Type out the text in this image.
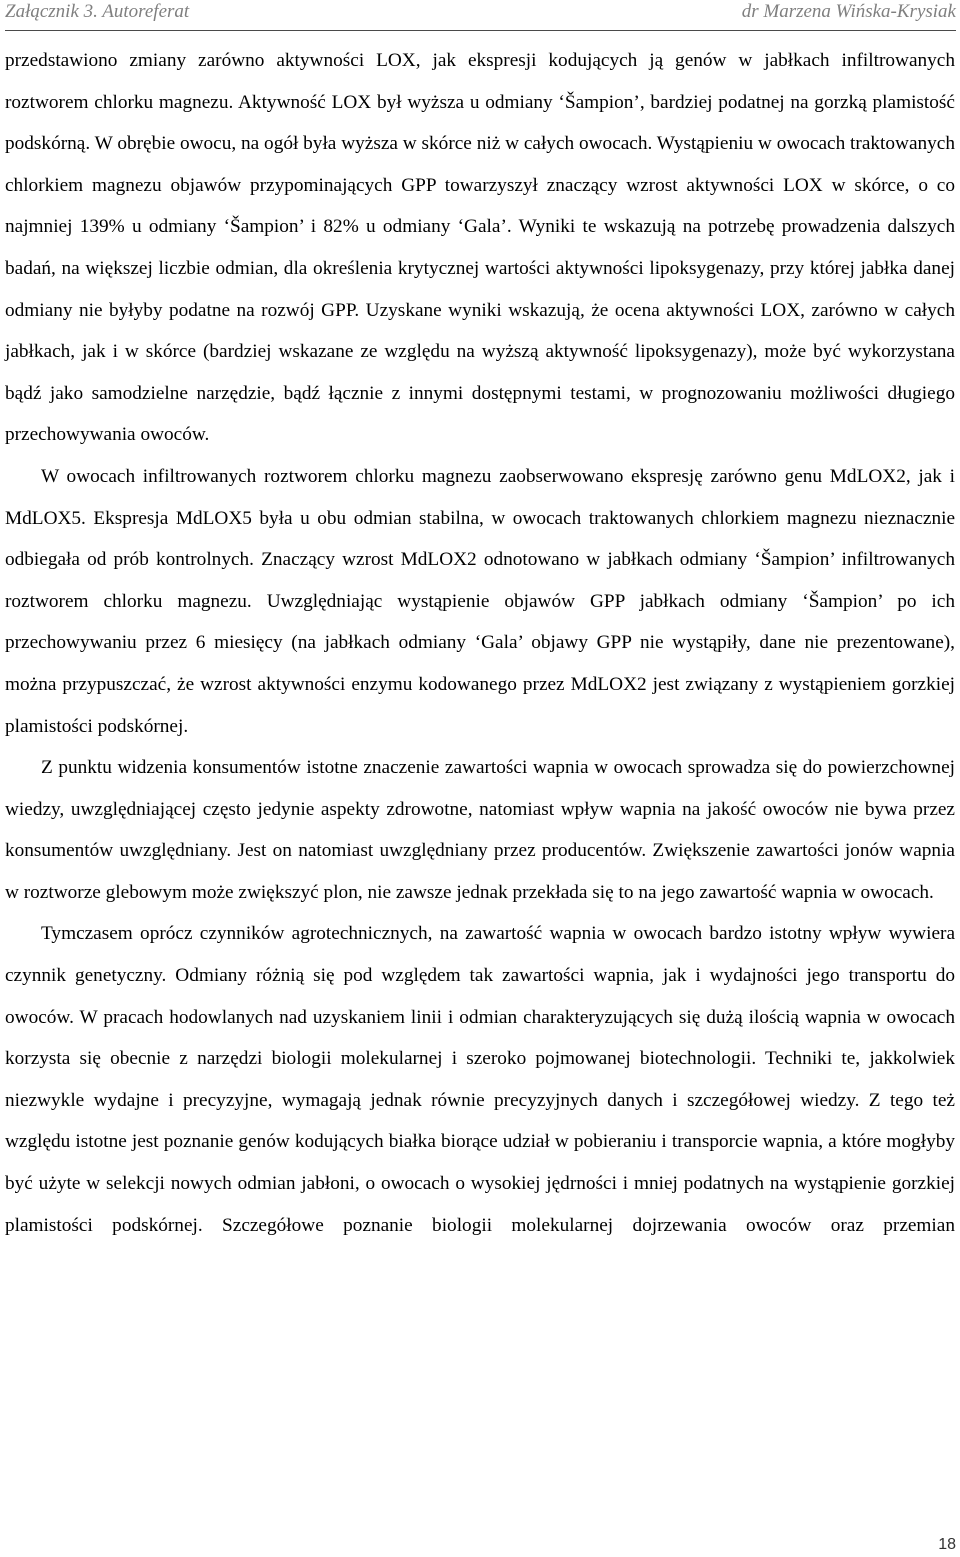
Załącznik 3. Autoreferat	dr Marzena Wińska-Krysiak

przedstawiono zmiany zarówno aktywności LOX, jak ekspresji kodujących ją genów w jabłkach infiltrowanych roztworem chlorku magnezu. Aktywność LOX był wyższa u odmiany ‘Šampion’, bardziej podatnej na gorzką plamistość podskórną. W obrębie owocu, na ogół była wyższa w skórce niż w całych owocach. Wystąpieniu w owocach traktowanych chlorkiem magnezu objawów przypominających GPP towarzyszył znaczący wzrost aktywności LOX w skórce, o co najmniej 139% u odmiany ‘Šampion’ i 82% u odmiany ‘Gala’. Wyniki te wskazują na potrzebę prowadzenia dalszych badań, na większej liczbie odmian, dla określenia krytycznej wartości aktywności lipoksygenazy, przy której jabłka danej odmiany nie byłyby podatne na rozwój GPP. Uzyskane wyniki wskazują, że ocena aktywności LOX, zarówno w całych jabłkach, jak i w skórce (bardziej wskazane ze względu na wyższą aktywność lipoksygenazy), może być wykorzystana bądź jako samodzielne narzędzie, bądź łącznie z innymi dostępnymi testami, w prognozowaniu możliwości długiego przechowywania owoców.

W owocach infiltrowanych roztworem chlorku magnezu zaobserwowano ekspresję zarówno genu MdLOX2, jak i MdLOX5. Ekspresja MdLOX5 była u obu odmian stabilna, w owocach traktowanych chlorkiem magnezu nieznacznie odbiegała od prób kontrolnych. Znaczący wzrost MdLOX2 odnotowano w jabłkach odmiany ‘Šampion’ infiltrowanych roztworem chlorku magnezu. Uwzględniając wystąpienie objawów GPP jabłkach odmiany ‘Šampion’ po ich przechowywaniu przez 6 miesięcy (na jabłkach odmiany ‘Gala’ objawy GPP nie wystąpiły, dane nie prezentowane), można przypuszczać, że wzrost aktywności enzymu kodowanego przez MdLOX2 jest związany z wystąpieniem gorzkiej plamistości podskórnej.

Z punktu widzenia konsumentów istotne znaczenie zawartości wapnia w owocach sprowadza się do powierzchownej wiedzy, uwzględniającej często jedynie aspekty zdrowotne, natomiast wpływ wapnia na jakość owoców nie bywa przez konsumentów uwzględniany. Jest on natomiast uwzględniany przez producentów. Zwiększenie zawartości jonów wapnia w roztworze glebowym może zwiększyć plon, nie zawsze jednak przekłada się to na jego zawartość wapnia w owocach.

Tymczasem oprócz czynników agrotechnicznych, na zawartość wapnia w owocach bardzo istotny wpływ wywiera czynnik genetyczny. Odmiany różnią się pod względem tak zawartości wapnia, jak i wydajności jego transportu do owoców. W pracach hodowlanych nad uzyskaniem linii i odmian charakteryzujących się dużą ilością wapnia w owocach korzysta się obecnie z narzędzi biologii molekularnej i szeroko pojmowanej biotechnologii. Techniki te, jakkolwiek niezwykle wydajne i precyzyjne, wymagają jednak równie precyzyjnych danych i szczegółowej wiedzy. Z tego też względu istotne jest poznanie genów kodujących białka biorące udział w pobieraniu i transporcie wapnia, a które mogłyby być użyte w selekcji nowych odmian jabłoni, o owocach o wysokiej jędrności i mniej podatnych na wystąpienie gorzkiej plamistości podskórnej. Szczegółowe poznanie biologii molekularnej dojrzewania owoców oraz przemian

18
